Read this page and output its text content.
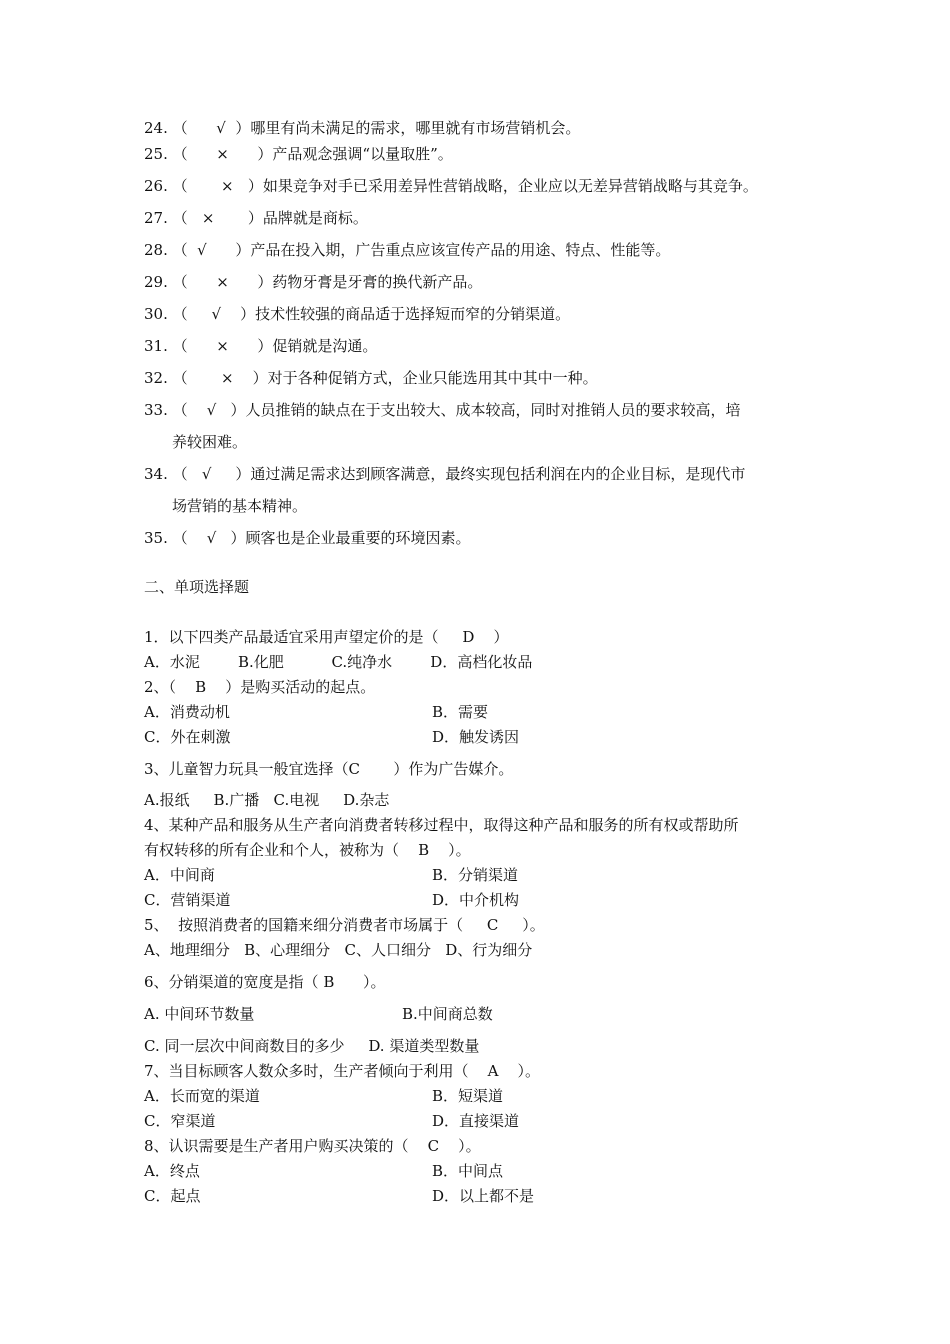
24. （      √  ）哪里有尚未满足的需求，哪里就有市场营销机会。
25. （      ×      ）产品观念强调“以量取胜”。
26. （       ×   ）如果竞争对手已采用差异性营销战略，企业应以无差异营销战略与其竞争。
27. （   ×       ）品牌就是商标。
28. （  √      ）产品在投入期，广告重点应该宣传产品的用途、特点、性能等。
29. （      ×      ）药物牙膏是牙膏的换代新产品。
30. （     √    ）技术性较强的商品适于选择短而窄的分销渠道。
31. （      ×      ）促销就是沟通。
32. （       ×    ）对于各种促销方式，企业只能选用其中其中一种。
33. （    √   ）人员推销的缺点在于支出较大、成本较高，同时对推销人员的要求较高，培
养较困难。
34. （   √     ）通过满足需求达到顾客满意，最终实现包括利润在内的企业目标，是现代市
场营销的基本精神。
35. （    √   ）顾客也是企业最重要的环境因素。
二、单项选择题
1．以下四类产品最适宜采用声望定价的是（     D    ）
A．水泥        B.化肥          C.纯净水        D．高档化妆品
2、（    B    ）是购买活动的起点。
A．消费动机	B．需要
C．外在刺激	D．触发诱因
3、儿童智力玩具一般宜选择（C       ）作为广告媒介。
A.报纸     B.广播   C.电视     D.杂志
4、某种产品和服务从生产者向消费者转移过程中，取得这种产品和服务的所有权或帮助所
有权转移的所有企业和个人，被称为（    B    ）。
A．中间商	B．分销渠道
C．营销渠道	D．中介机构
5、  按照消费者的国籍来细分消费者市场属于（     C     ）。
A、地理细分   B、心理细分   C、人口细分   D、行为细分
6、分销渠道的宽度是指（ B      ）。
A. 中间环节数量	B.中间商总数
C. 同一层次中间商数目的多少     D. 渠道类型数量
7、当目标顾客人数众多时，生产者倾向于利用（    A    ）。
A．长而宽的渠道	B．短渠道
C．窄渠道	D．直接渠道
8、认识需要是生产者用户购买决策的（    C    ）。
A．终点	B．中间点
C．起点	D．以上都不是
